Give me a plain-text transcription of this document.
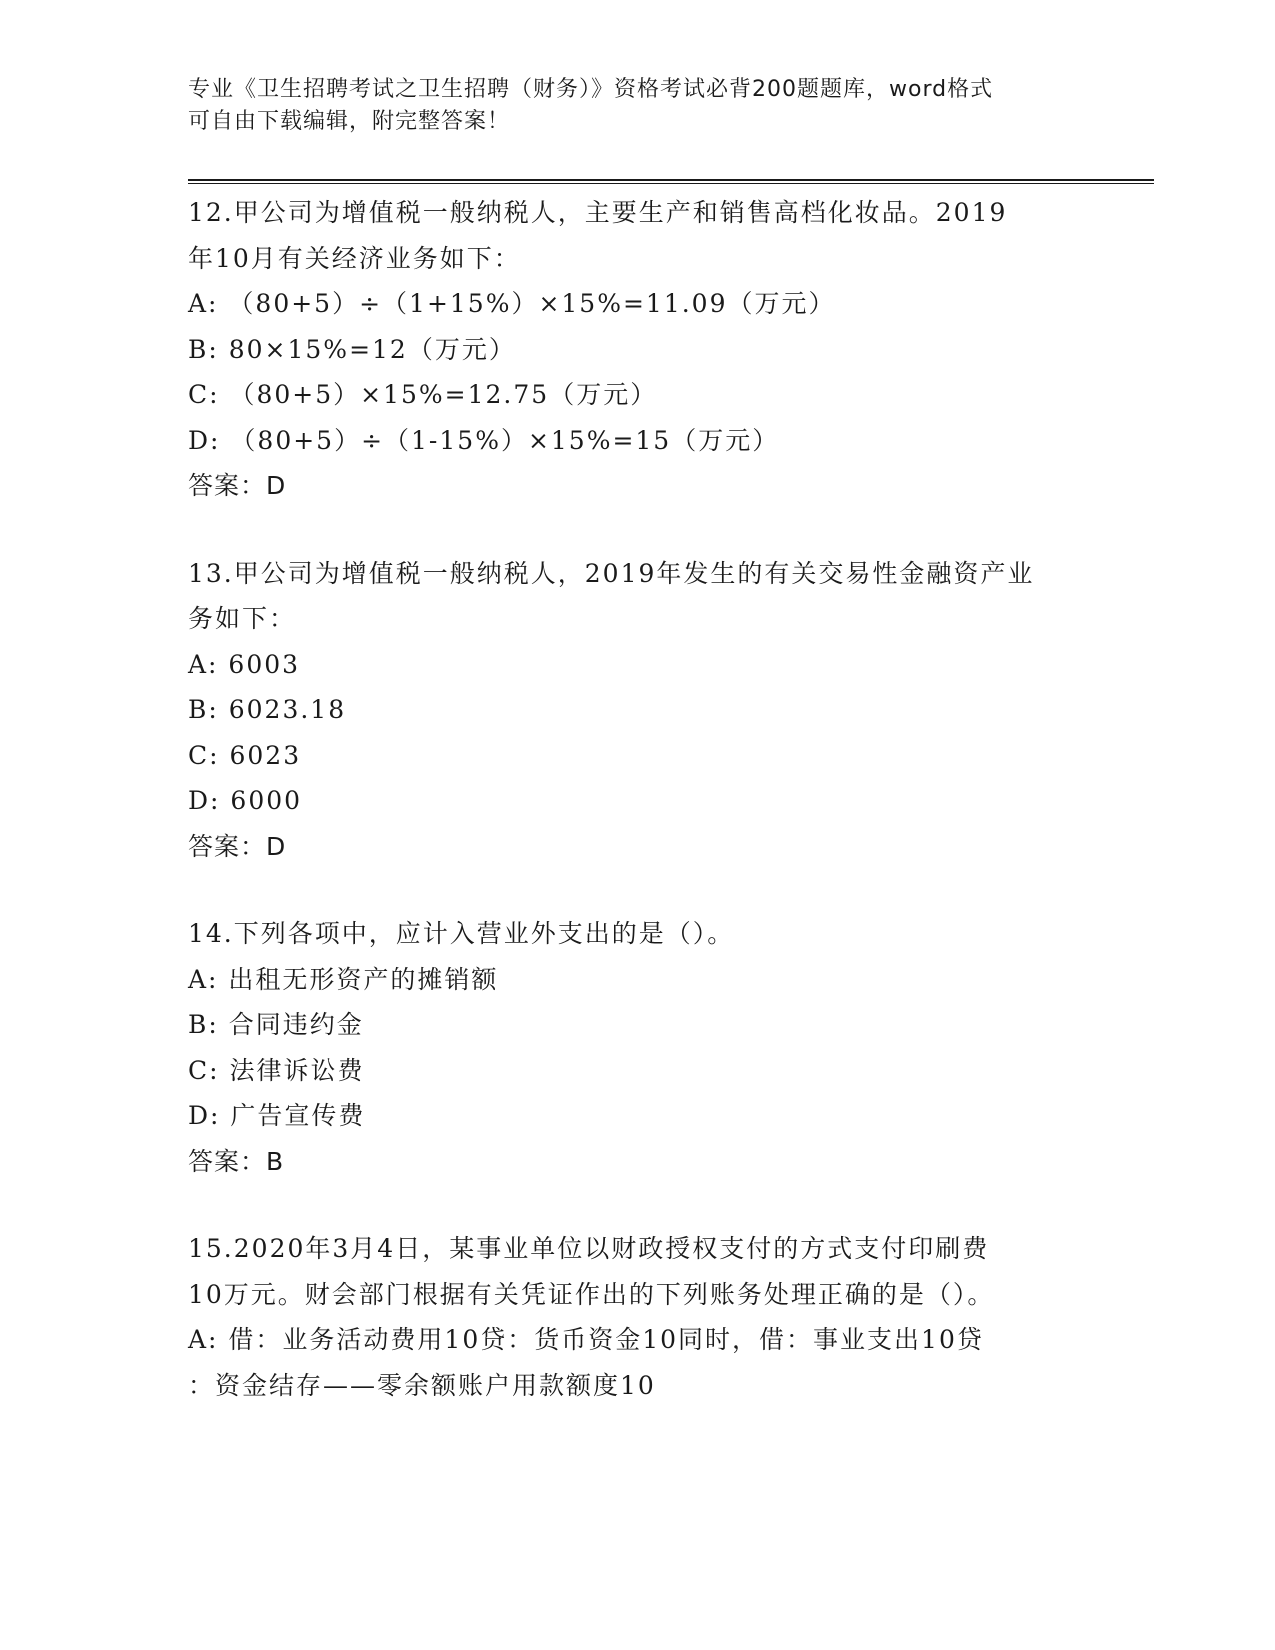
专业《卫生招聘考试之卫生招聘（财务）》资格考试必背200题题库，word格式
可自由下载编辑，附完整答案！
12.甲公司为增值税一般纳税人，主要生产和销售高档化妆品。2019
年10月有关经济业务如下：
A: （80+5）÷（1+15%）×15%=11.09（万元）
B: 80×15%=12（万元）
C: （80+5）×15%=12.75（万元）
D: （80+5）÷（1-15%）×15%=15（万元）
答案：D
13.甲公司为增值税一般纳税人，2019年发生的有关交易性金融资产业
务如下：
A: 6003
B: 6023.18
C: 6023
D: 6000
答案：D
14.下列各项中，应计入营业外支出的是（）。
A: 出租无形资产的摊销额
B: 合同违约金
C: 法律诉讼费
D: 广告宣传费
答案：B
15.2020年3月4日，某事业单位以财政授权支付的方式支付印刷费
10万元。财会部门根据有关凭证作出的下列账务处理正确的是（）。
A: 借：业务活动费用10贷：货币资金10同时，借：事业支出10贷
：资金结存——零余额账户用款额度10
